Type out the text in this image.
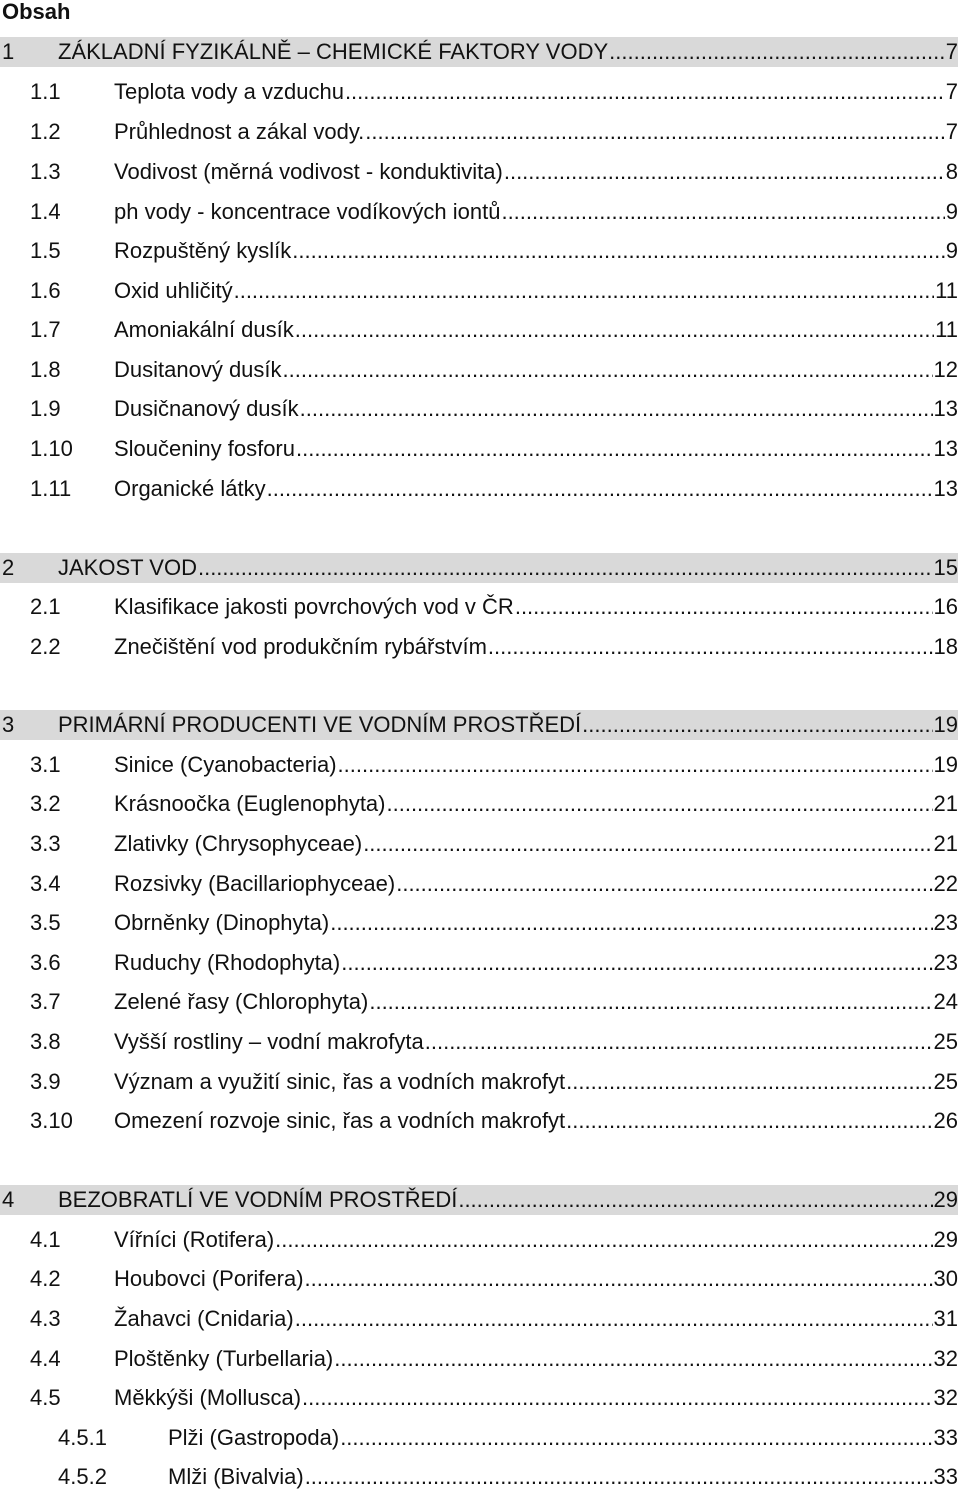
Obsah
1	ZÁKLADNÍ FYZIKÁLNĚ – CHEMICKÉ FAKTORY VODY .....	7
1.1	Teplota vody a vzduchu .....	7
1.2	Průhlednost a zákal vody. .....	7
1.3	Vodivost (měrná vodivost - konduktivita) .....	8
1.4	ph vody - koncentrace vodíkových iontů .....	9
1.5	Rozpuštěný kyslík .....	9
1.6	Oxid uhličitý .....	11
1.7	Amoniakální dusík .....	11
1.8	Dusitanový dusík .....	12
1.9	Dusičnanový dusík .....	13
1.10	Sloučeniny fosforu .....	13
1.11	Organické látky .....	13
2	JAKOST VOD .....	15
2.1	Klasifikace jakosti povrchových vod v ČR .....	16
2.2	Znečištění vod produkčním rybářstvím .....	18
3	PRIMÁRNÍ PRODUCENTI VE VODNÍM PROSTŘEDÍ .....	19
3.1	Sinice (Cyanobacteria) .....	19
3.2	Krásnoočka (Euglenophyta) .....	21
3.3	Zlativky (Chrysophyceae) .....	21
3.4	Rozsivky (Bacillariophyceae) .....	22
3.5	Obrněnky (Dinophyta) .....	23
3.6	Ruduchy (Rhodophyta) .....	23
3.7	Zelené řasy (Chlorophyta) .....	24
3.8	Vyšší rostliny – vodní makrofyta .....	25
3.9	Význam a využití sinic, řas a vodních makrofyt .....	25
3.10	Omezení rozvoje sinic, řas a vodních makrofyt .....	26
4	BEZOBRATLÍ VE VODNÍM PROSTŘEDÍ .....	29
4.1	Vířníci (Rotifera) .....	29
4.2	Houbovci (Porifera) .....	30
4.3	Žahavci (Cnidaria) .....	31
4.4	Ploštěnky (Turbellaria) .....	32
4.5	Měkkýši (Mollusca) .....	32
4.5.1	Plži (Gastropoda) .....	33
4.5.2	Mlži (Bivalvia) .....	33
